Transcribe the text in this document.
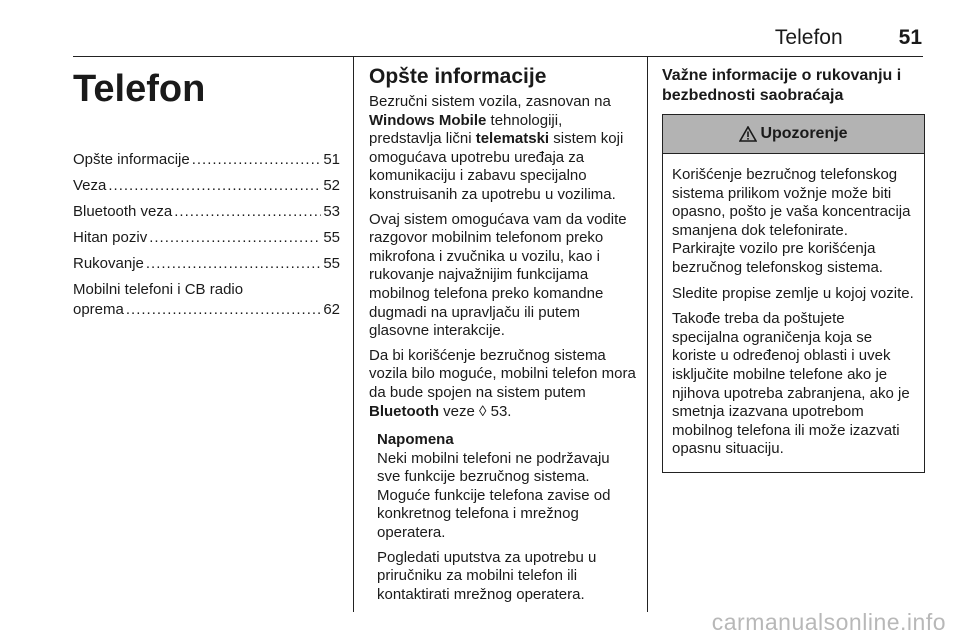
Telefon	51
Telefon
Opšte informacije .....	51
Veza .....	52
Bluetooth veza .....	53
Hitan poziv .....	55
Rukovanje .....	55
Mobilni telefoni i CB radio
oprema .....	62
Opšte informacije

Bezručni sistem vozila, zasnovan na Windows Mobile tehnologiji, predstavlja lični telematski sistem koji omogućava upotrebu uređaja za komunikaciju i zabavu specijalno konstruisanih za upotrebu u vozilima.

Ovaj sistem omogućava vam da vodite razgovor mobilnim telefonom preko mikrofona i zvučnika u vozilu, kao i rukovanje najvažnijim funkcijama mobilnog telefona preko komandne dugmadi na upravljaču ili putem glasovne interakcije.

Da bi korišćenje bezručnog sistema vozila bilo moguće, mobilni telefon mora da bude spojen na sistem putem Bluetooth veze ◊ 53.

Napomena

Neki mobilni telefoni ne podržavaju sve funkcije bezručnog sistema. Moguće funkcije telefona zavise od konkretnog telefona i mrežnog operatera.

Pogledati uputstva za upotrebu u priručniku za mobilni telefon ili kontaktirati mrežnog operatera.

Važne informacije o rukovanju i bezbednosti saobraćaja
Upozorenje

Korišćenje bezručnog telefonskog sistema prilikom vožnje može biti opasno, pošto je vaša koncentracija smanjena dok telefonirate. Parkirajte vozilo pre korišćenja bezručnog telefonskog sistema.

Sledite propise zemlje u kojoj vozite.

Takođe treba da poštujete specijalna ograničenja koja se koriste u određenoj oblasti i uvek isključite mobilne telefone ako je njihova upotreba zabranjena, ako je smetnja izazvana upotrebom mobilnog telefona ili može izazvati opasnu situaciju.

carmanualsonline.info
